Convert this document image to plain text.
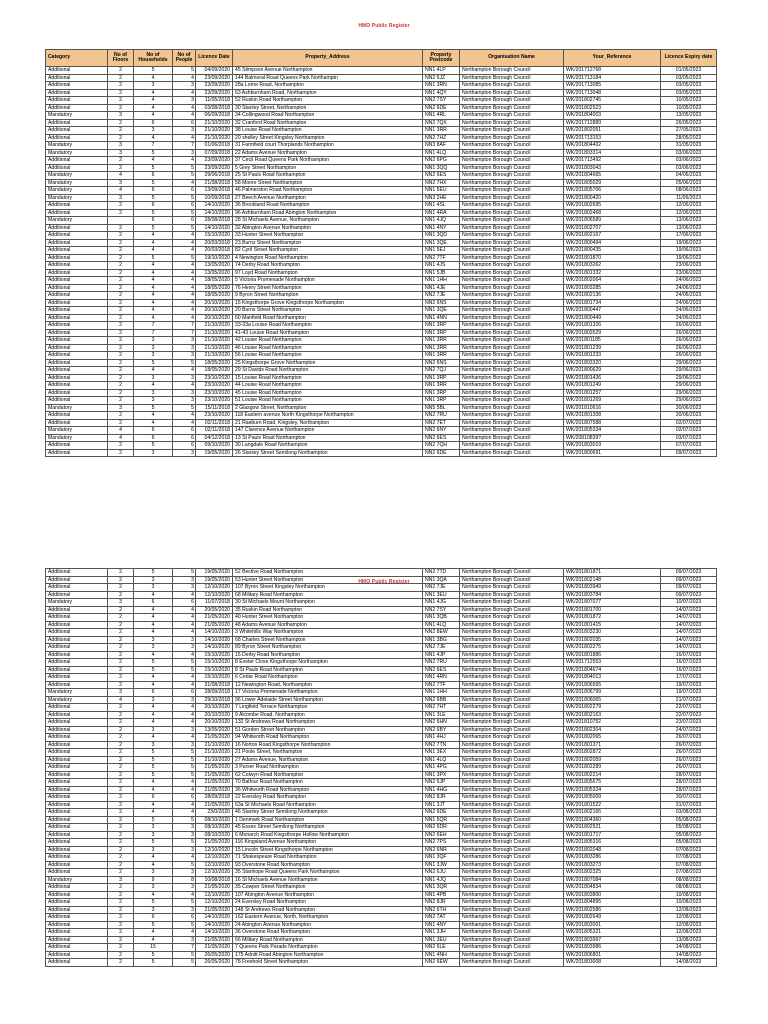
HMO Public Register
Category	No of Floors	No of Households	No of People	Licence Date	Property_Address	Property Postcode	Organisation Name	Your_Reference	Licence Expiry date
Additional	2	5	5	04/09/2020	45 Stimpson Avenue Northampton	NN1 4LP	Northampton Borough Council	WK/201712768	01/05/2023
Additional	2	4	4	23/09/2020	144 Balmoral Road Queens Park Northamptn	NN2 6JZ	Northampton Borough Council	WK/201713184	03/05/2023
Additional	2	3	3	23/09/2020	28a Lorne Road, Northampton	NN1 3RN	Northampton Borough Council	WK/201713085	03/05/2023
Additional	2	4	4	23/09/2020	63 Ashburnham Road, Northampton	NN1 4QY	Northampton Borough Council	WK/201713048	03/05/2023
Additional	2	4	3	11/05/2018	52 Ruskin Road Northampton	NN2 7SY	Northampton Borough Council	WK/201802745	10/05/2023
Additional	2	4	4	03/08/2018	30 Stanley Street, Northampton	NN2 6DE	Northampton Borough Council	WK/201802523	10/05/2023
Mandatory	3	4	4	06/09/2018	34 Collingwood Road Northampton	NN1 4RL	Northampton Borough Council	WK/201804003	13/05/2023
Additional	2	6	6	21/10/2020	32 Cranford Road Northampton	NN2 7QX	Northampton Borough Council	WK/201712889	26/05/2023
Additional	2	3	3	21/10/2020	38 Louise Road Northampton	NN1 3RR	Northampton Borough Council	WK/201802051	27/05/2023
Additional	2	4	4	21/10/2020	20 shelley Street Kingsley Northampton	NN2 7HZ	Northampton Borough Council	WK/201713153	28/05/2023
Mandatory	3	7	7	01/06/2018	31 Farmfield court Thorplands Northampton	NN3 8AF	Northampton Borough Council	WK/201804402	31/05/2023
Mandatory	3	5	3	07/09/2018	22 Adams Avenue Northampton	NN1 4LQ	Northampton Borough Council	WK/201803314	03/06/2023
Additional	2	4	4	23/09/2020	37 Cecil Road Queens Park Northampton	NN2 6PG	Northampton Borough Council	WK/201713492	03/06/2023
Additional	2	5	5	23/09/2020	5 Grey Street Northampton	NN1 3QQ	Northampton Borough Council	WK/201803043	03/06/2023
Mandatory	4	6	5	29/06/2018	25 St Pauls Road Northampton	NN2 6ES	Northampton Borough Council	WK/201804665	04/06/2023
Mandatory	3	5	4	21/08/2018	58 Moore Street Northampton	NN2 7HX	Northampton Borough Council	WK/201805029	05/06/2023
Mandatory	4	6	6	13/09/2018	46 Palmerston Road Northampton	NN1 5EU	Northampton Borough Council	WK/201805706	08/06/2023
Mandatory	3	5	5	10/09/2018	27 Beech Avenue Northampton	NN3 2HE	Northampton Borough Council	WK/201800420	11/06/2023
Additional	2	6	6	14/10/2020	36 Brookland Road Northampton	NN1 4SL	Northampton Borough Council	WK/201802695	12/06/2023
Additional	2	5	5	14/10/2020	96 Ashburnham Road Abington Northampton	NN1 4RA	Northampton Borough Council	WK/201802468	12/06/2023
Mandatory		6	6	28/08/2018	28 St Michaels Avenue, Northampton	NN1 4JQ	Northampton Borough Council	WK/201806589	13/06/2023
Additional	2	5	5	14/10/2020	32 Abington Avenue Northampton	NN1 4NY	Northampton Borough Council	WK/201802707	13/06/2023
Additional	2	4	4	15/10/2020	33 Hunter Street Northampton	NN1 3QD	Northampton Borough Council	WK/201802167	17/06/2023
Additional	2	4	4	20/03/2018	23 Burns Street Northampton	NN1 3QE	Northampton Borough Council	WK/201800494	19/06/2023
Additional	2	4	4	20/03/2018	82 Cyril Street Northampton	NN1 5EJ	Northampton Borough Council	WK/201800435	19/06/2023
Additional	2	5	5	19/10/2020	4 Newington Road Northampton	NN2 7TF	Northampton Borough Council	WK/201801870	19/06/2023
Additional	2	4	4	13/05/2020	74 Derby Road Northampton	NN1 4JS	Northampton Borough Council	WK/201803262	23/06/2023
Additional	2	4	4	13/05/2020	97 Loyd Road Northampton	NN1 5JB	Northampton Borough Council	WK/201801332	23/06/2023
Additional	2	4	4	18/05/2020	5 Victoria Promenade Northampton	NN1 1HH	Northampton Borough Council	WK/201802064	24/06/2023
Additional	2	4	4	18/05/2020	76 Henry Street Northampton	NN1 4JE	Northampton Borough Council	WK/201803285	24/06/2023
Additional	2	4	4	18/05/2020	9 Byron Street Northampton	NN2 7JE	Northampton Borough Council	WK/201802136	24/06/2023
Additional	2	4	4	20/10/2020	15 Kingsthorpe Grove Kingsthorpe Northampton	NN2 6NS	Northampton Borough Council	WK/201801734	24/06/2023
Additional	2	4	4	20/10/2020	20 Burns Street Northampton	NN1 3QE	Northampton Borough Council	WK/201800447	24/06/2023
Additional	2	4	4	20/10/2020	60 Manfield Road Northampton	NN1 4NN	Northampton Borough Council	WK/201800449	24/06/2023
Additional	2	7	7	21/10/2020	33-33a Louise Road Northampton	NN1 3RP	Northampton Borough Council	WK/201801326	26/06/2023
Additional	2	7	7	21/10/2020	41-43 Louise Road Northampton	NN1 3RP	Northampton Borough Council	WK/201802629	26/06/2023
Additional	2	3	3	21/10/2020	42 Louise Road Northampton	NN1 3RR	Northampton Borough Council	WK/201801185	26/06/2023
Additional	2	3	3	21/10/2020	46 Louise Road Northampton	NN1 3RR	Northampton Borough Council	WK/201801239	26/06/2023
Additional	2	3	3	21/10/2020	56 Louise Road Northampton	NN1 3RR	Northampton Borough Council	WK/201801233	26/06/2023
Additional	2	5	5	18/05/2020	25 Kingsthorpe Grove Northampton	NN2 6NS	Northampton Borough Council	WK/201803320	29/06/2023
Additional	2	4	4	18/05/2020	29 St Davids Road Northampton	NN2 7QJ	Northampton Borough Council	WK/201800629	29/06/2023
Additional	2	3	3	23/10/2020	15 Louise Road Northampton	NN1 3RP	Northampton Borough Council	WK/201801436	29/06/2023
Additional	2	4	4	23/10/2020	44 Louise Road Northampton	NN1 3RR	Northampton Borough Council	WK/201801249	29/06/2023
Additional	2	3	3	23/10/2020	45 Louise Road Northampton	NN1 3RP	Northampton Borough Council	WK/201801257	29/06/2023
Additional	2	3	3	23/10/2020	51 Louise Road Northampton	NN1 3RP	Northampton Borough Council	WK/201801269	29/06/2023
Mandatory	3	5	5	15/11/2018	2 Glasgow Street, Northampton	NN5 5BL	Northampton Borough Council	WK/201810616	30/06/2023
Additional	2	4	4	23/10/2020	118 Eastern avenue North Kingsthorpe Northampton	NN2 7RU	Northampton Borough Council	WK/201801308	30/06/2023
Additional	2	4	4	02/11/2018	21 Raeburn Road, Kingsley, Northampton	NN2 7ET	Northampton Borough Council	WK/201807588	02/07/2023
Mandatory	4	6	6	02/11/2018	147 Clarence Avenue Northampton	NN2 6NY	Northampton Borough Council	WK/201805334	02/07/2023
Mandatory	4	6	6	04/12/2018	13 St Pauls Road Northampton	NN2 6ES	Northampton Borough Council	WK/20810839?	03/07/2023
Additional	2	5	6	09/10/2020	30 Langdale Road Northampton	NN2 7QH	Northampton Borough Council	WK/201803019	07/07/2023
Additional	2	3	3	19/05/2020	26 Stanley Street Semilong Northampton	NN2 6DE	Northampton Borough Council	WK/201800691	09/07/2023
HMO Public Register
Additional	2	5	5	19/05/2020	52 Bective Road Northampton	NN2 7TD	Northampton Borough Council	WK/201801871	09/07/2023
Additional	2	3	3	19/05/2020	53 Hunter Street Northampton	NN1 3QA	Northampton Borough Council	WK/201802148	09/07/2023
Additional	2	3	3	12/10/2020	107 Byron Street Kingsley Northampton	NN2 7JE	Northampton Borough Council	WK/201803949	09/07/2023
Additional	2	4	4	12/10/2020	68 Military Road Northampton	NN1 3EU	Northampton Borough Council	WK/201803784	09/07/2023
Mandatory	3	6	6	11/07/2018	30 St Michaels Mount Northampton	NN1 4JG	Northampton Borough Council	WK/201807077	10/07/2023
Additional	2	4	4	20/05/2020	35 Ruskin Road Northampton	NN2 7SY	Northampton Borough Council	WK/201801700	14/07/2023
Additional	2	4	4	21/05/2020	40 Hunter Street Northampton	NN1 3QB	Northampton Borough Council	WK/201801872	14/07/2023
Additional	2	4	4	21/05/2020	48 Adams Avenue Northampton	NN1 4LQ	Northampton Borough Council	WK/201801415	14/07/2023
Additional	2	4	4	14/10/2020	3 Whitehills Way Northampton	NN2 8EW	Northampton Borough Council	WK/201803230	14/07/2023
Additional	2	3	3	14/10/2020	68 Charles Street Northampton	NN1 3BG	Northampton Borough Council	WK/201802035	14/07/2023
Additional	2	3	3	14/10/2020	89 Byron Street Northampton	NN2 7JE	Northampton Borough Council	WK/201802275	14/07/2023
Additional	2	4	4	15/10/2020	15 Derby Road Northampton	NN1 4JP	Northampton Borough Council	WK/201801886	16/07/2023
Additional	2	5	5	15/10/2020	8 Exeter Close Kingsthorpe Northampton	NN2 7RU	Northampton Borough Council	WK/201712553	16/07/2023
Additional	2	5	5	15/10/2020	8 St Pauls Road Northampton	NN2 6ES	Northampton Borough Council	WK/201804674	16/07/2023
Additional	2	4	4	15/10/2020	6 Cedar Road Northampton	NN1 4RN	Northampton Borough Council	WK/201804013	17/07/2023
Additional	2	4	4	31/08/2018	12 Newington Road, Northampton	NN2 7TF	Northampton Borough Council	WK/201806565	19/07/2023
Mandatory	3	6	6	28/09/2018	17 Victoria Promenade Northampton	NN1 1HH	Northampton Borough Council	WK/201806799	19/07/2023
Mandatory	4	3	3	29/10/2018	96 Lower Adelaide Street Northampton	NN2 6BB	Northampton Borough Council	WK/201806065	21/07/2023
Additional	2	4	4	20/10/2020	7 Lingfield Terrace Northampton	NN2 7HT	Northampton Borough Council	WK/201802279	22/07/2023
Additional	2	4	4	20/10/2020	9 Alcombe Road, Northampton	NN1 3LE	Northampton Borough Council	WK/201802163	22/07/2023
Additional	2	4	4	20/10/2020	132 St Andrews Road Northampton	NN2 6HN	Northampton Borough Council	WK/201810752	23/07/2023
Additional	2	3	3	13/05/2020	51 Gordon Street Northampton	NN2 6BY	Northampton Borough Council	WK/201802304	24/07/2023
Additional	2	4	4	21/05/2020	94 Whitworth Road Northampton	NN1 4HJ	Northampton Borough Council	WK/201802065	26/07/2023
Additional	2	3	3	21/10/2020	16 Norton Road Kingsthorpe Northampton	NN2 7TN	Northampton Borough Council	WK/201801371	26/07/2023
Additional	2	5	5	21/10/2020	21 Poole Street, Northampton	NN1 3EX	Northampton Borough Council	WK/201802872	26/07/2023
Additional	2	5	5	21/10/2020	27 Adams Avenue, Northampton	NN1 4LQ	Northampton Borough Council	WK/201802059	26/07/2023
Additional	2	5	5	21/05/2020	3 Purser Road Northampton	NN1 4PG	Northampton Borough Council	WK/201802289	26/07/2023
Additional	2	5	5	21/05/2020	62 Colwyn Road Northampton	NN1 3PX	Northampton Borough Council	WK/201802214	28/07/2023
Additional	2	4	4	21/05/2020	70 Balfour Road Northampton	NN2 6JP	Northampton Borough Council	WK/201805675	28/07/2023
Additional	2	4	4	21/05/2020	36 Whitworth Road Northampton	NN1 4HG	Northampton Borough Council	WK/201805324	28/07/2023
Additional	2	6	6	28/09/2018	22 Eversley Road Northampton	NN2 8JR	Northampton Borough Council	WK/201805009	30/07/2023
Additional	2	4	4	21/05/2020	63a St Michaels Road Northampton	NN1 3JT	Northampton Borough Council	WK/201801522	31/07/2023
Additional	2	4	4	23/0/2020	46 Stanley Street Semilong Northampton	NN2 6DE	Northampton Borough Council	WK/201802165	03/08/2023
Additional	2	5	5	08/10/2020	1 Denmark Road Northampton	NN1 5QR	Northampton Borough Council	WK/201804360	05/08/2023
Additional	2	3	3	08/10/2020	45 Essex Street Semilong Northampton	NN2 6DR	Northampton Borough Council	WK/201802521	05/08/2023
Additional	2	3	3	08/10/2020	6 Monarch Road Kingsthorpe Hollow Northampton	NN2 6EH	Northampton Borough Council	WK/201801717	05/08/2023
Additional	2	5	5	21/05/2020	116 Kingsland Avenue Northampton	NN2 7PS	Northampton Borough Council	WK/201805316	05/08/2023
Additional	2	3	3	12/10/2020	15 Lincoln Street Kingsthorpe Northampton	NN2 6NR	Northampton Borough Council	WK/201802048	07/08/2023
Additional	2	4	4	12/10/2020	71 Shakespeare Road Northampton	NN1 3QF	Northampton Borough Council	WK/201803286	07/08/2023
Additional	2	4	5	12/10/2020	93 Overstone Road Northampton	NN1 3JW	Northampton Borough Council	WK/201803273	07/08/2023
Additional	2	3	3	12/10/2020	35 Stanhope Road Queens Park Northampton	NN2 6JU	Northampton Borough Council	WK/201802325	07/08/2023
Mandatory	3	9	8	10/08/2018	16 St Michaels Avenue Northampton	NN1 4JQ	Northampton Borough Council	WK/201807084	08/08/2023
Additional	2	3	3	21/05/2020	35 Cowper Street Northampton	NN1 3QR	Northampton Borough Council	WK/201804834	08/08/2023
Additional	2	4	4	12/10/2020	107 Abington Avenue Northampton	NN1 4PB	Northampton Borough Council	WK/201803800	10/08/2023
Additional	2	5	5	12/10/2020	24 Eversley Road Northampton	NN2 8JR	Northampton Borough Council	WK/201804895	10/08/2023
Additional	2	3	3	21/05/2020	148 St Andrews Road Northampton	NN2 6TH	Northampton Borough Council	WK/201802586	12/08/2023
Additional	2	6	6	14/10/2020	162 Eastern Avenue, North, Northampton	NN2 7AT	Northampton Borough Council	WK/201802649	12/08/2023
Additional	2	5	5	14/10/2020	24 Abington Avenue Northampton	NN1 4NY	Northampton Borough Council	WK/201803001	12/08/2023
Additional	2	4	4	14/10/2020	36 Overstone Road Northampton	NN1 3JH	Northampton Borough Council	WK/201805321	12/08/2023
Additional	2	4	3	21/05/2020	66 Military Road Northampton	NN1 3EU	Northampton Borough Council	WK/201803997	13/08/2023
Additional	2	15	7	21/05/2020	7 Queens Park Parade Northampton	NN2 6LE	Northampton Borough Council	WK/201803986	14/08/2023
Additional	2	5	5	26/05/2020	175 Adnitt Road Abington Northampton	NN1 4NH	Northampton Borough Council	WK/201806801	14/08/2023
Additional	2	5	5	26/05/2020	78 Freehold Street Northampton	NN2 6EW	Northampton Borough Council	WK/201803008	14/08/2023
